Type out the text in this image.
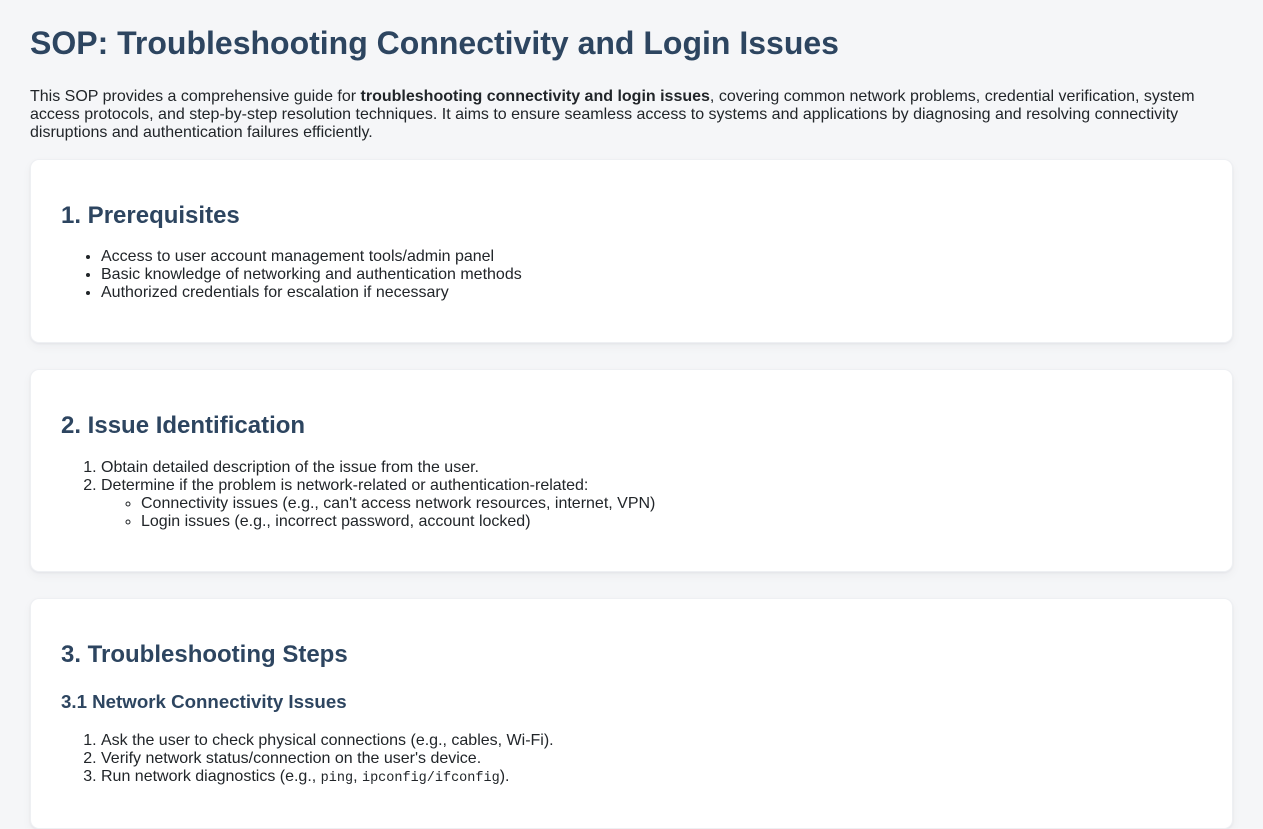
SOP: Troubleshooting Connectivity and Login Issues

This SOP provides a comprehensive guide for troubleshooting connectivity and login issues, covering common network problems, credential verification, system access protocols, and step-by-step resolution techniques. It aims to ensure seamless access to systems and applications by diagnosing and resolving connectivity disruptions and authentication failures efficiently.

1. Prerequisites
• Access to user account management tools/admin panel
• Basic knowledge of networking and authentication methods
• Authorized credentials for escalation if necessary
2. Issue Identification
1. Obtain detailed description of the issue from the user.
2. Determine if the problem is network-related or authentication-related:
◦ Connectivity issues (e.g., can't access network resources, internet, VPN)
◦ Login issues (e.g., incorrect password, account locked)
3. Troubleshooting Steps
3.1 Network Connectivity Issues
1. Ask the user to check physical connections (e.g., cables, Wi-Fi).
2. Verify network status/connection on the user's device.
3. Run network diagnostics (e.g., ping, ipconfig/ifconfig).
